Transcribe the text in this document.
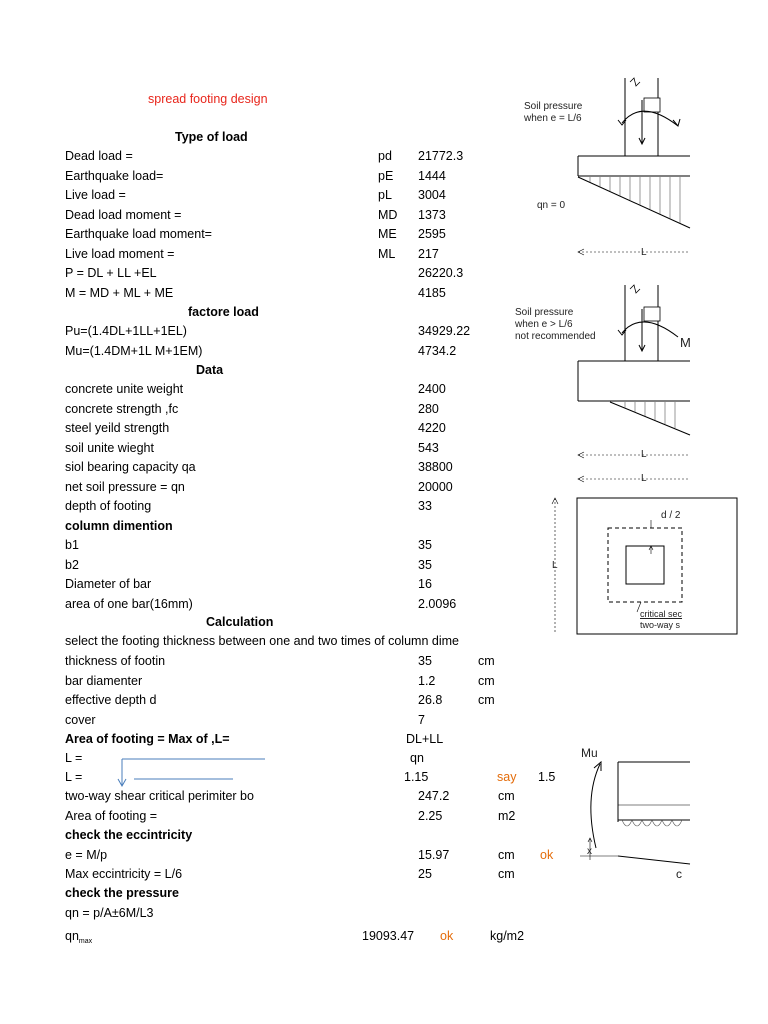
spread footing design
Type of load
Dead load =	pd 21772.3
Earthquake load=	pE 1444
Live load =	pL 3004
Dead load moment =	MD 1373
Earthquake load moment=	ME 2595
Live load moment =	ML 217
P = DL + LL +EL	26220.3
M = MD + ML + ME	4185
factore load
Pu=(1.4DL+1LL+1EL)	34929.22
Mu=(1.4DM+1L M+1EM)	4734.2
Data
concrete unite weight	2400
concrete strength ,fc	280
steel yeild strength	4220
soil unite wieght	543
siol bearing capacity qa	38800
net soil pressure = qn	20000
depth of footing	33
column dimention
b1	35
b2	35
Diameter of bar	16
area of one bar(16mm)	2.0096
Calculation
select the footing thickness between one and two times of column dime
thickness of footin	35	cm
bar diamenter	1.2	cm
effective depth d	26.8	cm
cover	7
Area of footing = Max of ,L=	DL+LL
L =	qn
L =	1.15	say 1.5
two-way shear critical perimiter bo	247.2	cm
Area of footing =	2.25	m2
check the eccintricity
e = M/p	15.97	cm ok
Max eccintricity = L/6	25	cm
check the pressure
qn = p/A±6M/L3
$qn_{max}$	19093.47 ok	kg/m2
Soil pressure
when e = L/6
qn = 0
L
Soil pressure
when e > L/6
not recommended	M
L
L
d / 2
L
critical sec
two-way s
Mu
x
c
